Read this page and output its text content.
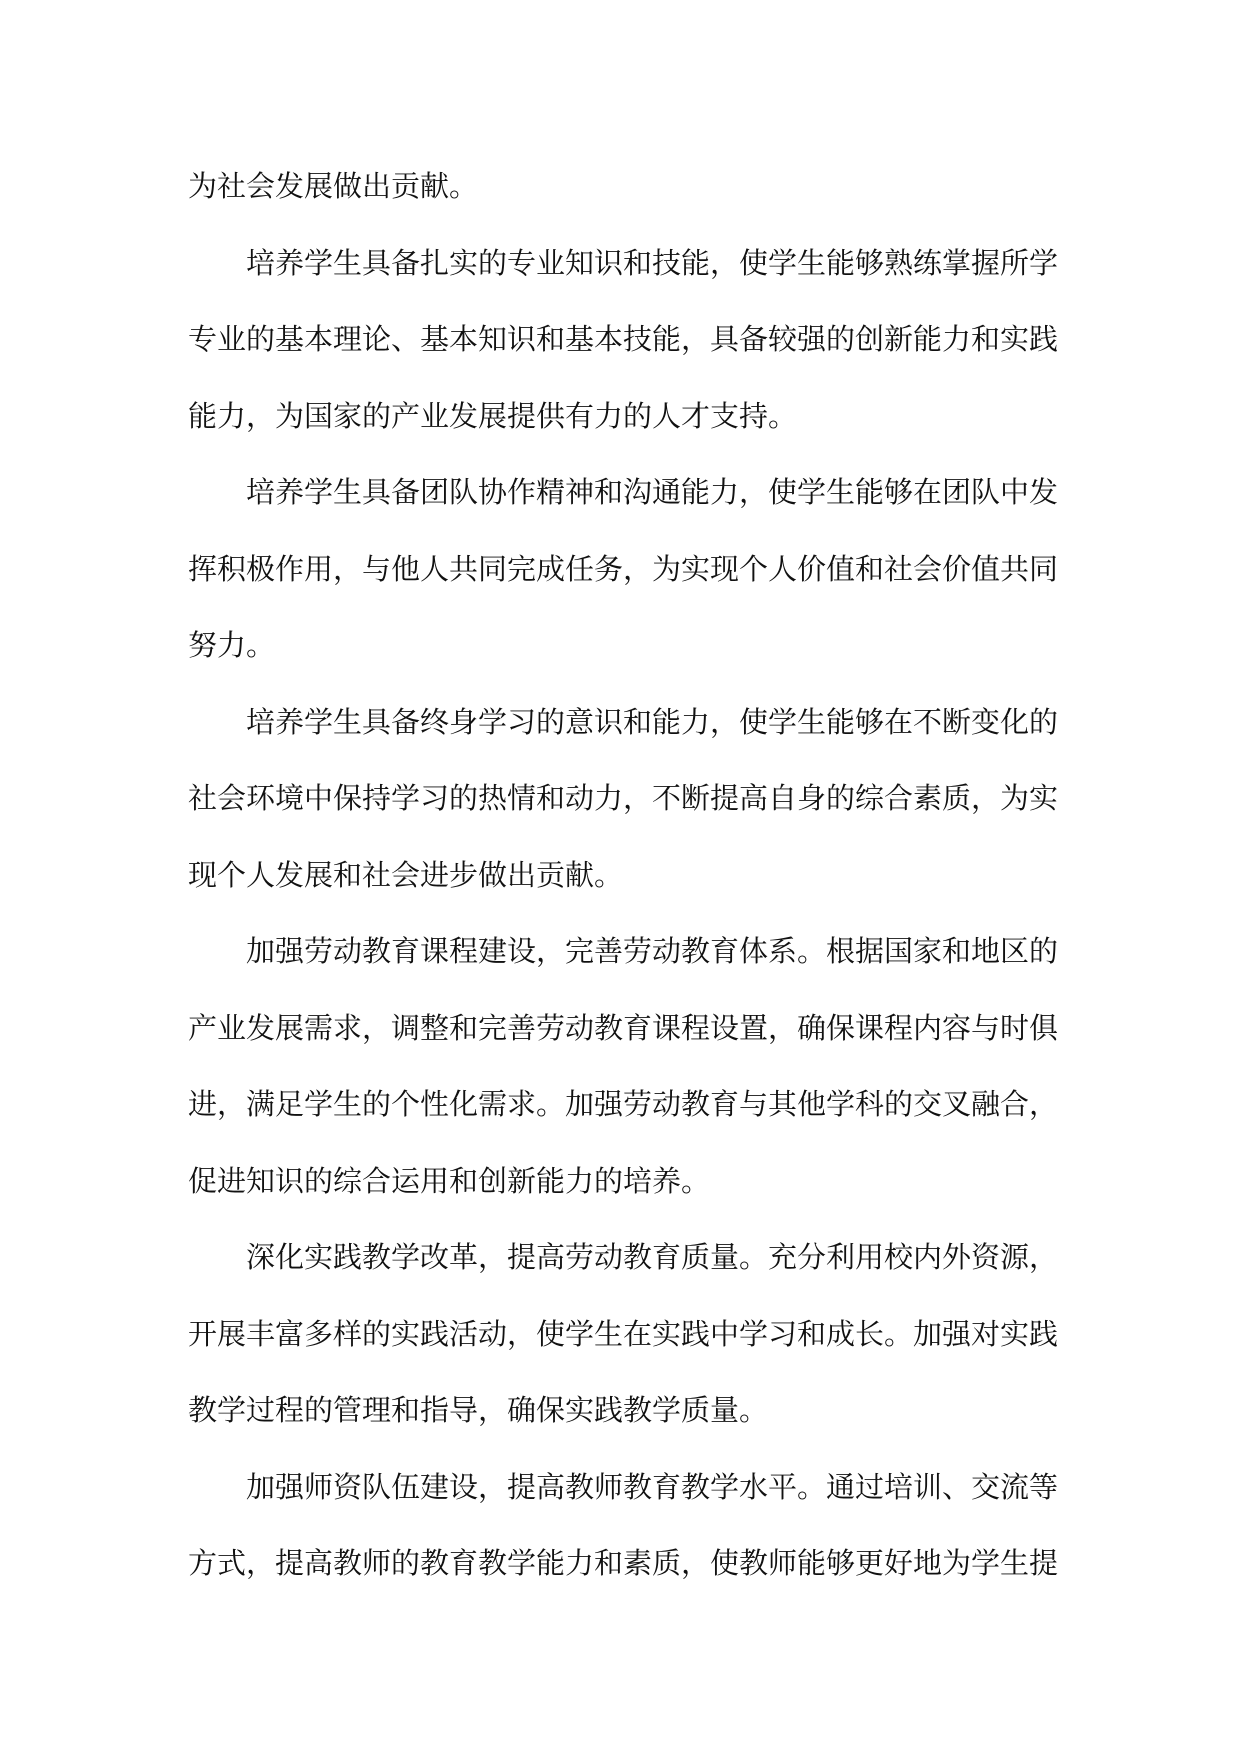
为社会发展做出贡献。
培养学生具备扎实的专业知识和技能，使学生能够熟练掌握所学
专业的基本理论、基本知识和基本技能，具备较强的创新能力和实践
能力，为国家的产业发展提供有力的人才支持。
培养学生具备团队协作精神和沟通能力，使学生能够在团队中发
挥积极作用，与他人共同完成任务，为实现个人价值和社会价值共同
努力。
培养学生具备终身学习的意识和能力，使学生能够在不断变化的
社会环境中保持学习的热情和动力，不断提高自身的综合素质，为实
现个人发展和社会进步做出贡献。
加强劳动教育课程建设，完善劳动教育体系。根据国家和地区的
产业发展需求，调整和完善劳动教育课程设置，确保课程内容与时俱
进，满足学生的个性化需求。加强劳动教育与其他学科的交叉融合，
促进知识的综合运用和创新能力的培养。
深化实践教学改革，提高劳动教育质量。充分利用校内外资源，
开展丰富多样的实践活动，使学生在实践中学习和成长。加强对实践
教学过程的管理和指导，确保实践教学质量。
加强师资队伍建设，提高教师教育教学水平。通过培训、交流等
方式，提高教师的教育教学能力和素质，使教师能够更好地为学生提
